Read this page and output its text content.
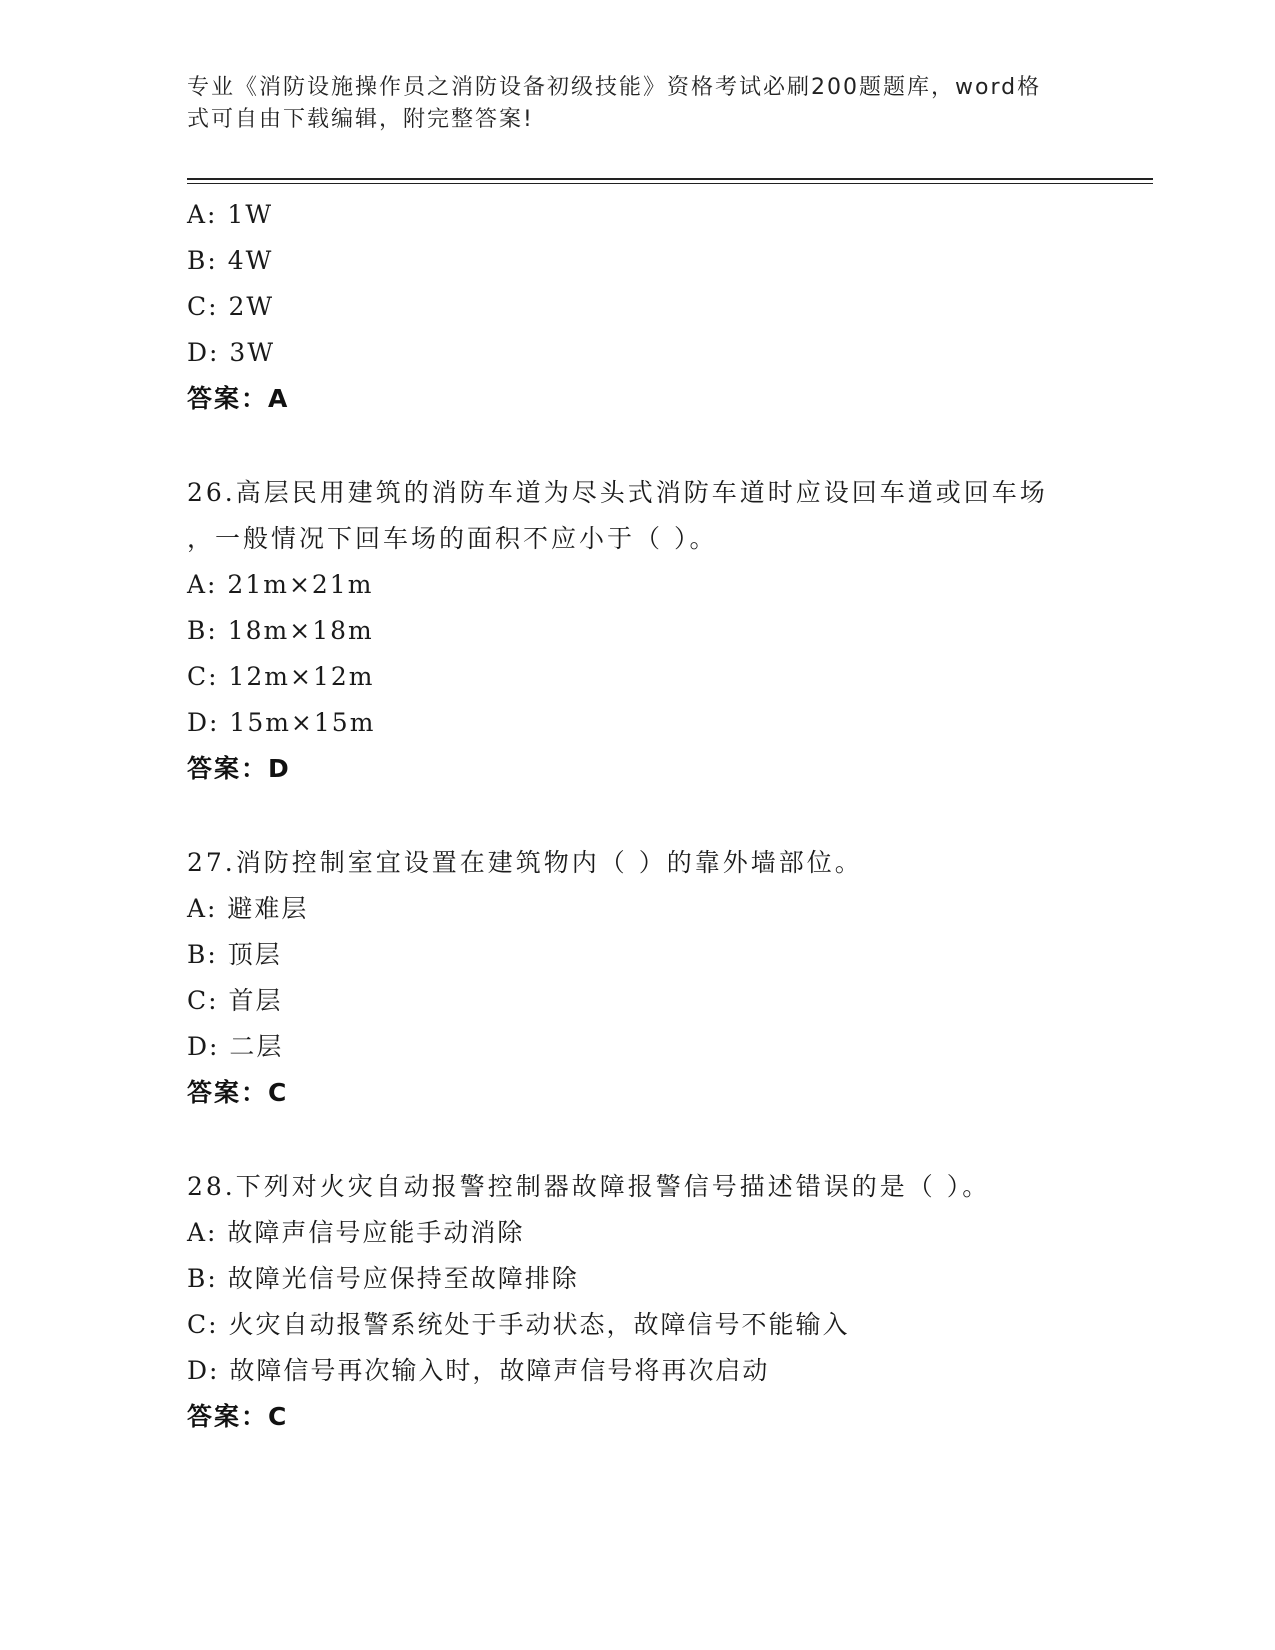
专业《消防设施操作员之消防设备初级技能》资格考试必刷200题题库，word格
式可自由下载编辑，附完整答案!
A: 1W
B: 4W
C: 2W
D: 3W
答案：A
26.高层民用建筑的消防车道为尽头式消防车道时应设回车道或回车场
，一般情况下回车场的面积不应小于（ ）。
A: 21m×21m
B: 18m×18m
C: 12m×12m
D: 15m×15m
答案：D
27.消防控制室宜设置在建筑物内（ ）的靠外墙部位。
A: 避难层
B: 顶层
C: 首层
D: 二层
答案：C
28.下列对火灾自动报警控制器故障报警信号描述错误的是（ ）。
A: 故障声信号应能手动消除
B: 故障光信号应保持至故障排除
C: 火灾自动报警系统处于手动状态，故障信号不能输入
D: 故障信号再次输入时，故障声信号将再次启动
答案：C
